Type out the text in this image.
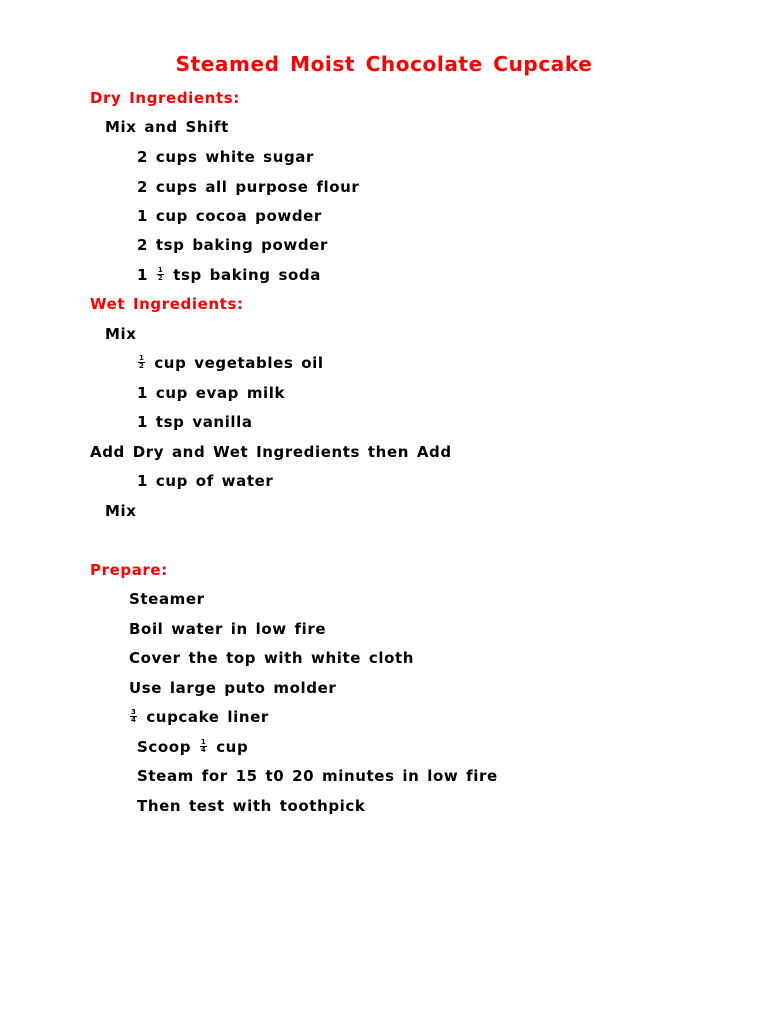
Steamed Moist Chocolate Cupcake
Dry Ingredients:
Mix and Shift
2 cups white sugar
2 cups all purpose flour
1 cup cocoa powder
2 tsp baking powder
$1 \frac{1}{2}$ tsp baking soda
Wet Ingredients:
Mix
$\frac{1}{2}$ cup vegetables oil
1 cup evap milk
1 tsp vanilla
Add Dry and Wet Ingredients then Add
1 cup of water
Mix
Prepare:
Steamer
Boil water in low fire
Cover the top with white cloth
Use large puto molder
$\frac{3}{4}$ cupcake liner
Scoop $\frac{1}{4}$ cup
Steam for 15 t0 20 minutes in low fire
Then test with toothpick
